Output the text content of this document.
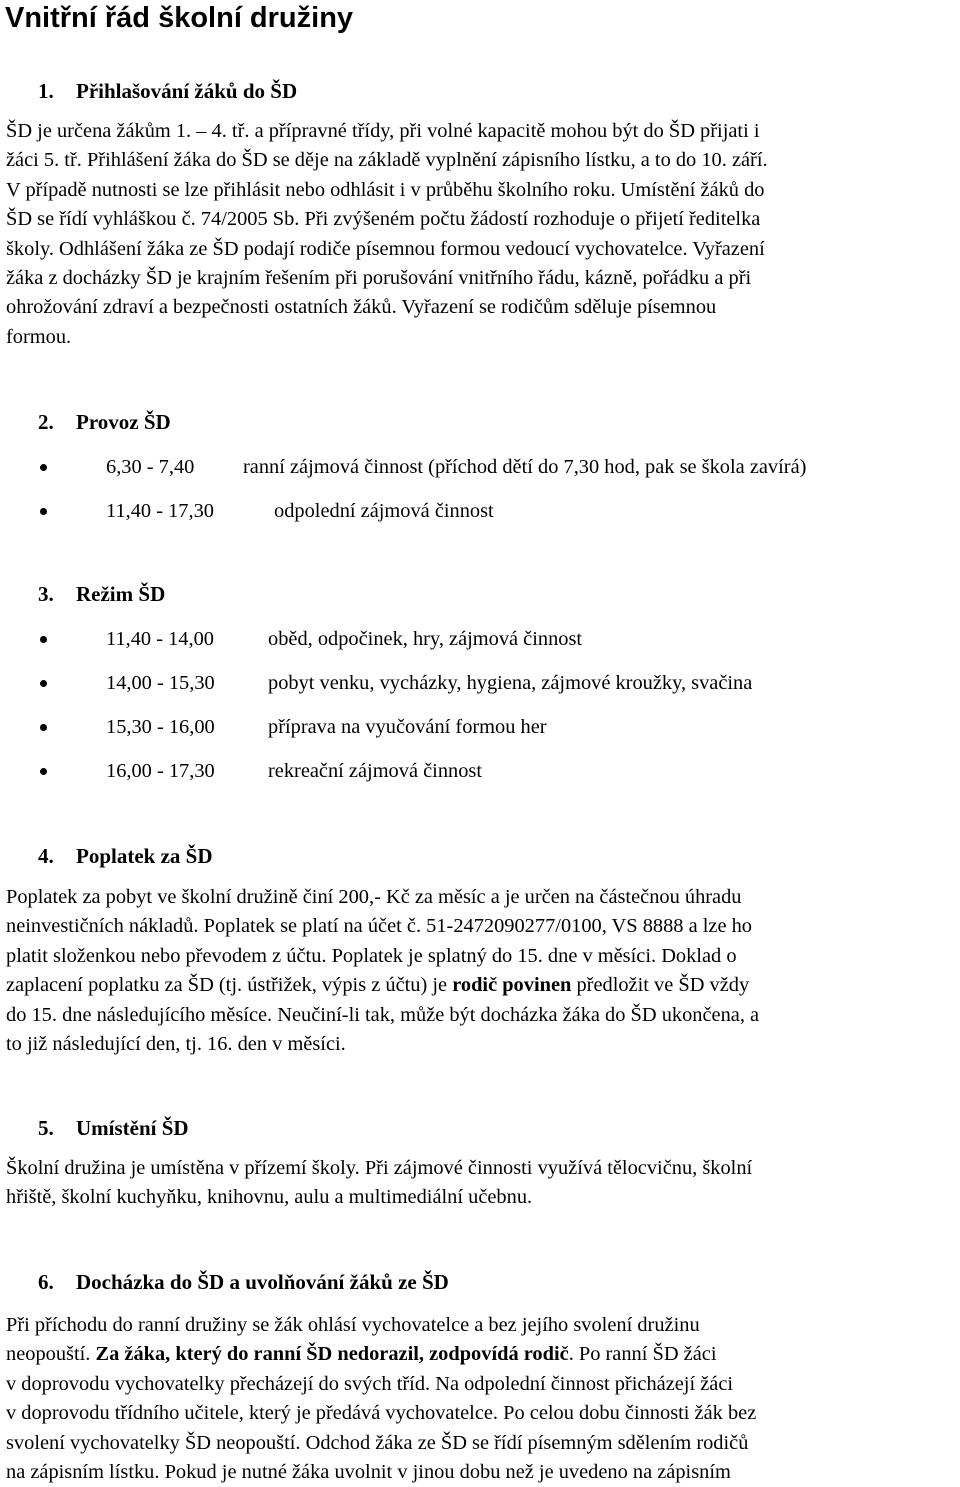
Vnitřní řád školní družiny
1. Přihlašování žáků do ŠD
ŠD je určena žákům 1. – 4. tř. a přípravné třídy, při volné kapacitě mohou být do ŠD přijati i
žáci 5. tř. Přihlášení žáka do ŠD se děje na základě vyplnění zápisního lístku, a to do 10. září.
V případě nutnosti se lze přihlásit nebo odhlásit i v průběhu školního roku. Umístění žáků do
ŠD se řídí vyhláškou č. 74/2005 Sb. Při zvýšeném počtu žádostí rozhoduje o přijetí ředitelka
školy. Odhlášení žáka ze ŠD podají rodiče písemnou formou vedoucí vychovatelce. Vyřazení
žáka z docházky ŠD je krajním řešením při porušování vnitřního řádu, kázně, pořádku a při
ohrožování zdraví a bezpečnosti ostatních žáků. Vyřazení se rodičům sděluje písemnou
formou.
2. Provoz ŠD
6,30 - 7,40 ranní zájmová činnost (příchod dětí do 7,30 hod, pak se škola zavírá)
11,40 - 17,30	odpolední zájmová činnost
3. Režim ŠD
11,40 - 14,00	oběd, odpočinek, hry, zájmová činnost
14,00 - 15,30	pobyt venku, vycházky, hygiena, zájmové kroužky, svačina
15,30 - 16,00	příprava na vyučování formou her
16,00 - 17,30	rekreační zájmová činnost
4. Poplatek za ŠD
Poplatek za pobyt ve školní družině činí 200,- Kč za měsíc a je určen na částečnou úhradu
neinvestičních nákladů. Poplatek se platí na účet č. 51-2472090277/0100, VS 8888 a lze ho
platit složenkou nebo převodem z účtu. Poplatek je splatný do 15. dne v měsíci. Doklad o
zaplacení poplatku za ŠD (tj. ústřižek, výpis z účtu) je rodič povinen předložit ve ŠD vždy
do 15. dne následujícího měsíce. Neučiní-li tak, může být docházka žáka do ŠD ukončena, a
to již následující den, tj. 16. den v měsíci.
5. Umístění ŠD
Školní družina je umístěna v přízemí školy. Při zájmové činnosti využívá tělocvičnu, školní
hřiště, školní kuchyňku, knihovnu, aulu a multimediální učebnu.
6. Docházka do ŠD a uvolňování žáků ze ŠD
Při příchodu do ranní družiny se žák ohlásí vychovatelce a bez jejího svolení družinu
neopouští. Za žáka, který do ranní ŠD nedorazil, zodpovídá rodič. Po ranní ŠD žáci
v doprovodu vychovatelky přecházejí do svých tříd. Na odpolední činnost přicházejí žáci
v doprovodu třídního učitele, který je předává vychovatelce. Po celou dobu činnosti žák bez
svolení vychovatelky ŠD neopouští. Odchod žáka ze ŠD se řídí písemným sdělením rodičů
na zápisním lístku. Pokud je nutné žáka uvolnit v jinou dobu než je uvedeno na zápisním
